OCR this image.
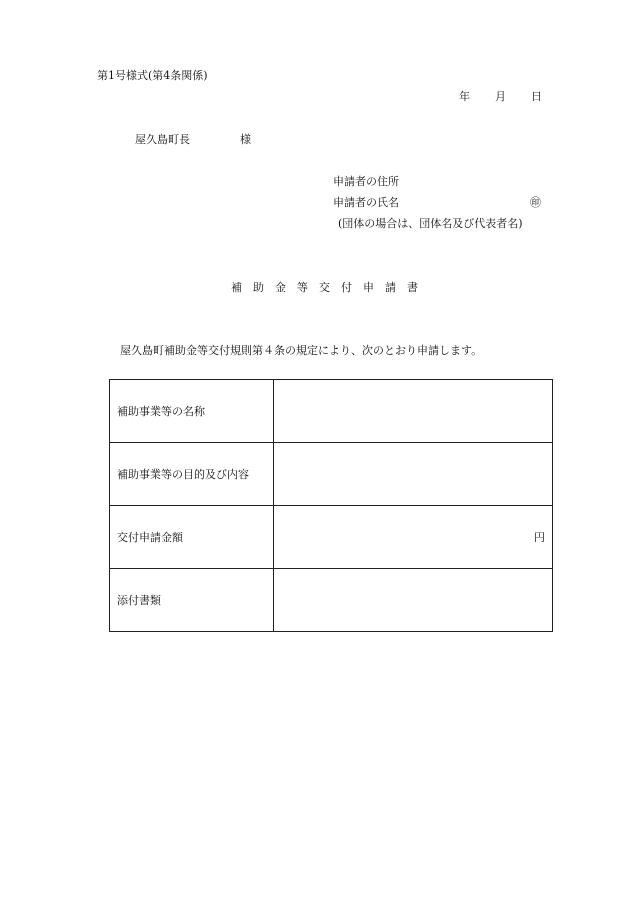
第1号様式(第4条関係)
年 月 日
屋久島町長	様
申請者の住所
申請者の氏名	㊞
(団体の場合は、団体名及び代表者名)
補助金等交付申請書
屋久島町補助金等交付規則第４条の規定により、次のとおり申請します。
補助事業等の名称	
補助事業等の目的及び内容	
交付申請金額	円
添付書類	
